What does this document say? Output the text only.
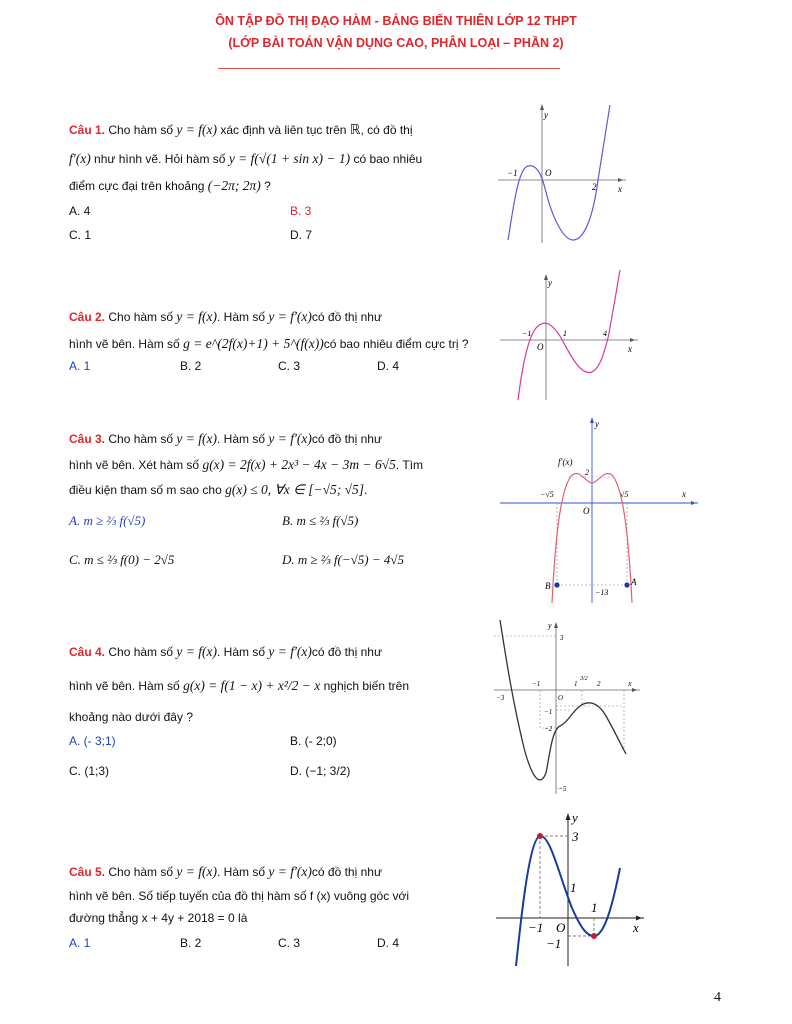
ÔN TẬP ĐỒ THỊ ĐẠO HÀM - BẢNG BIẾN THIÊN LỚP 12 THPT
(LỚP BÀI TOÁN VẬN DỤNG CAO, PHÂN LOẠI – PHẦN 2)
Câu 1. Cho hàm số y = f(x) xác định và liên tục trên ℝ, có đồ thị
f′(x) như hình vẽ. Hỏi hàm số y = f(√(1 + sin x) − 1) có bao nhiêu
điểm cực đại trên khoảng (−2π; 2π) ?
A. 4	B. 3
C. 1	D. 7
y
x
−1	O
2
Câu 2. Cho hàm số y = f(x). Hàm số y = f′(x)có đồ thị như
hình vẽ bên. Hàm số g = e^(2f(x)+1) + 5^(f(x))có bao nhiêu điểm cực trị ?
A. 1	B. 2	C. 3	D. 4
y
x
−1
O
1	4
Câu 3. Cho hàm số y = f(x). Hàm số y = f′(x)có đồ thị như
hình vẽ bên. Xét hàm số g(x) = 2f(x) + 2x³ − 4x − 3m − 6√5. Tìm
điều kiện tham số m sao cho g(x) ≤ 0, ∀x ∈ [−√5; √5].
A. m ≥ ⅔ f(√5)	B. m ≤ ⅔ f(√5)
C. m ≤ ⅔ f(0) − 2√5	D. m ≥ ⅔ f(−√5) − 4√5
y
x
f′(x)
2
−√5	√5
O
B	A
−13
Câu 4. Cho hàm số y = f(x). Hàm số y = f′(x)có đồ thị như
hình vẽ bên. Hàm số g(x) = f(1 − x) + x²/2 − x nghịch biến trên
khoảng nào dưới đây ?
A. (- 3;1)	B. (- 2;0)
C. (1;3)	D. (−1; 3/2)
y
x
3
−3
−1
O
1
3/2
2
−1
−2
−5
Câu 5. Cho hàm số y = f(x). Hàm số y = f′(x)có đồ thị như
hình vẽ bên. Số tiếp tuyến của đồ thị hàm số f (x) vuông góc với
đường thẳng x + 4y + 2018 = 0 là
A. 1	B. 2	C. 3	D. 4
y
x
3
1
−1 O
1
−1
4
